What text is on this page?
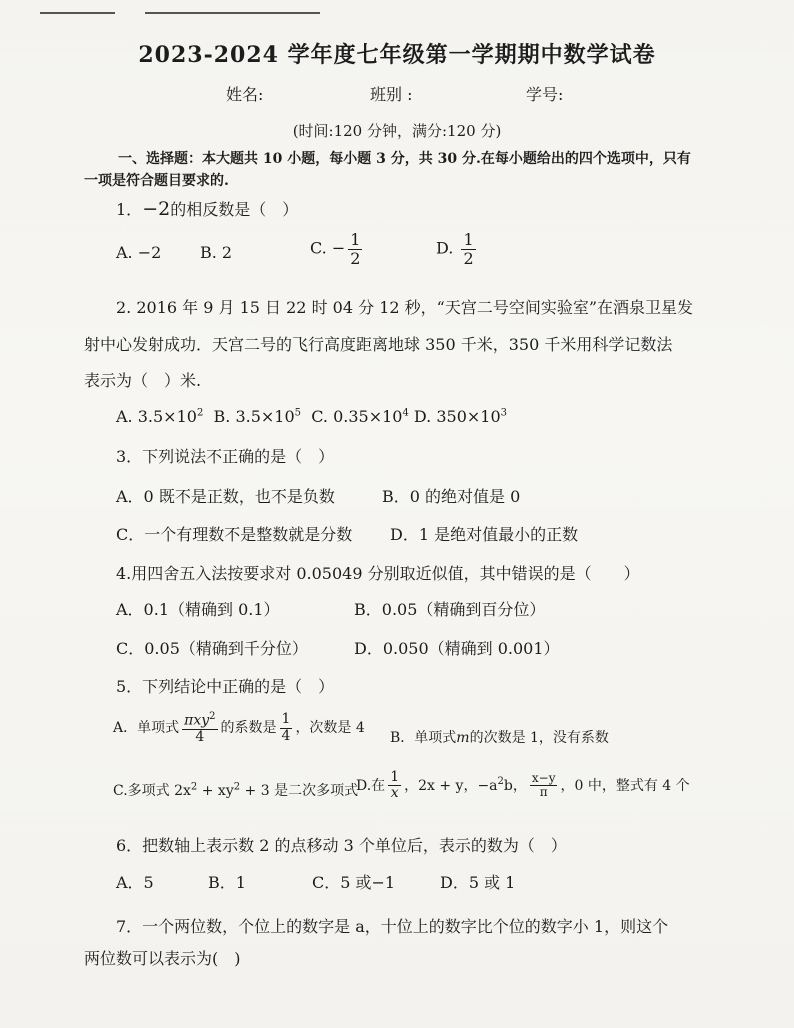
2023-2024 学年度七年级第一学期期中数学试卷
姓名:	班别 :	学号:
(时间:120 分钟，满分:120 分)
一、选择题：本大题共 10 小题，每小题 3 分，共 30 分.在每小题给出的四个选项中，只有
一项是符合题目要求的.
1．−2的相反数是（　）
A. −2 B. 2	C. − $\frac{1}{2}$	D. $\frac{1}{2}$
2. 2016 年 9 月 15 日 22 时 04 分 12 秒，“天宫二号空间实验室”在酒泉卫星发
射中心发射成功．天宫二号的飞行高度距离地球 350 千米，350 千米用科学记数法
表示为（　）米.
A. $3.5\times 10^2$ B. $3.5\times 10^5$ C. $0.35\times 10^4$ D. $350\times 10^3$
3．下列说法不正确的是（　）
A．0 既不是正数，也不是负数	B．0 的绝对值是 0
C．一个有理数不是整数就是分数 D．1 是绝对值最小的正数
4.用四舍五入法按要求对 0.05049 分别取近似值，其中错误的是（　　）
A．0.1（精确到 0.1）	B．0.05（精确到百分位）
C．0.05（精确到千分位）	D．0.050（精确到 0.001）
5．下列结论中正确的是（　）
A．单项式 $\frac{\pi xy^2}{4}$ 的系数是 $\frac{1}{4}$ ，次数是 4
B．单项式m的次数是 1，没有系数
C.多项式 $2x^2 + xy^2 + 3$ 是二次多项式
D.在 $\frac{1}{x}$ ，2x + y，$-a^2b$， $\frac{x-y}{\pi}$ ，0 中，整式有 4 个
6．把数轴上表示数 2 的点移动 3 个单位后，表示的数为（　）
A．5	B．1	C．5 或−1	D．5 或 1
7．一个两位数，个位上的数字是 a，十位上的数字比个位的数字小 1，则这个
两位数可以表示为(　)
